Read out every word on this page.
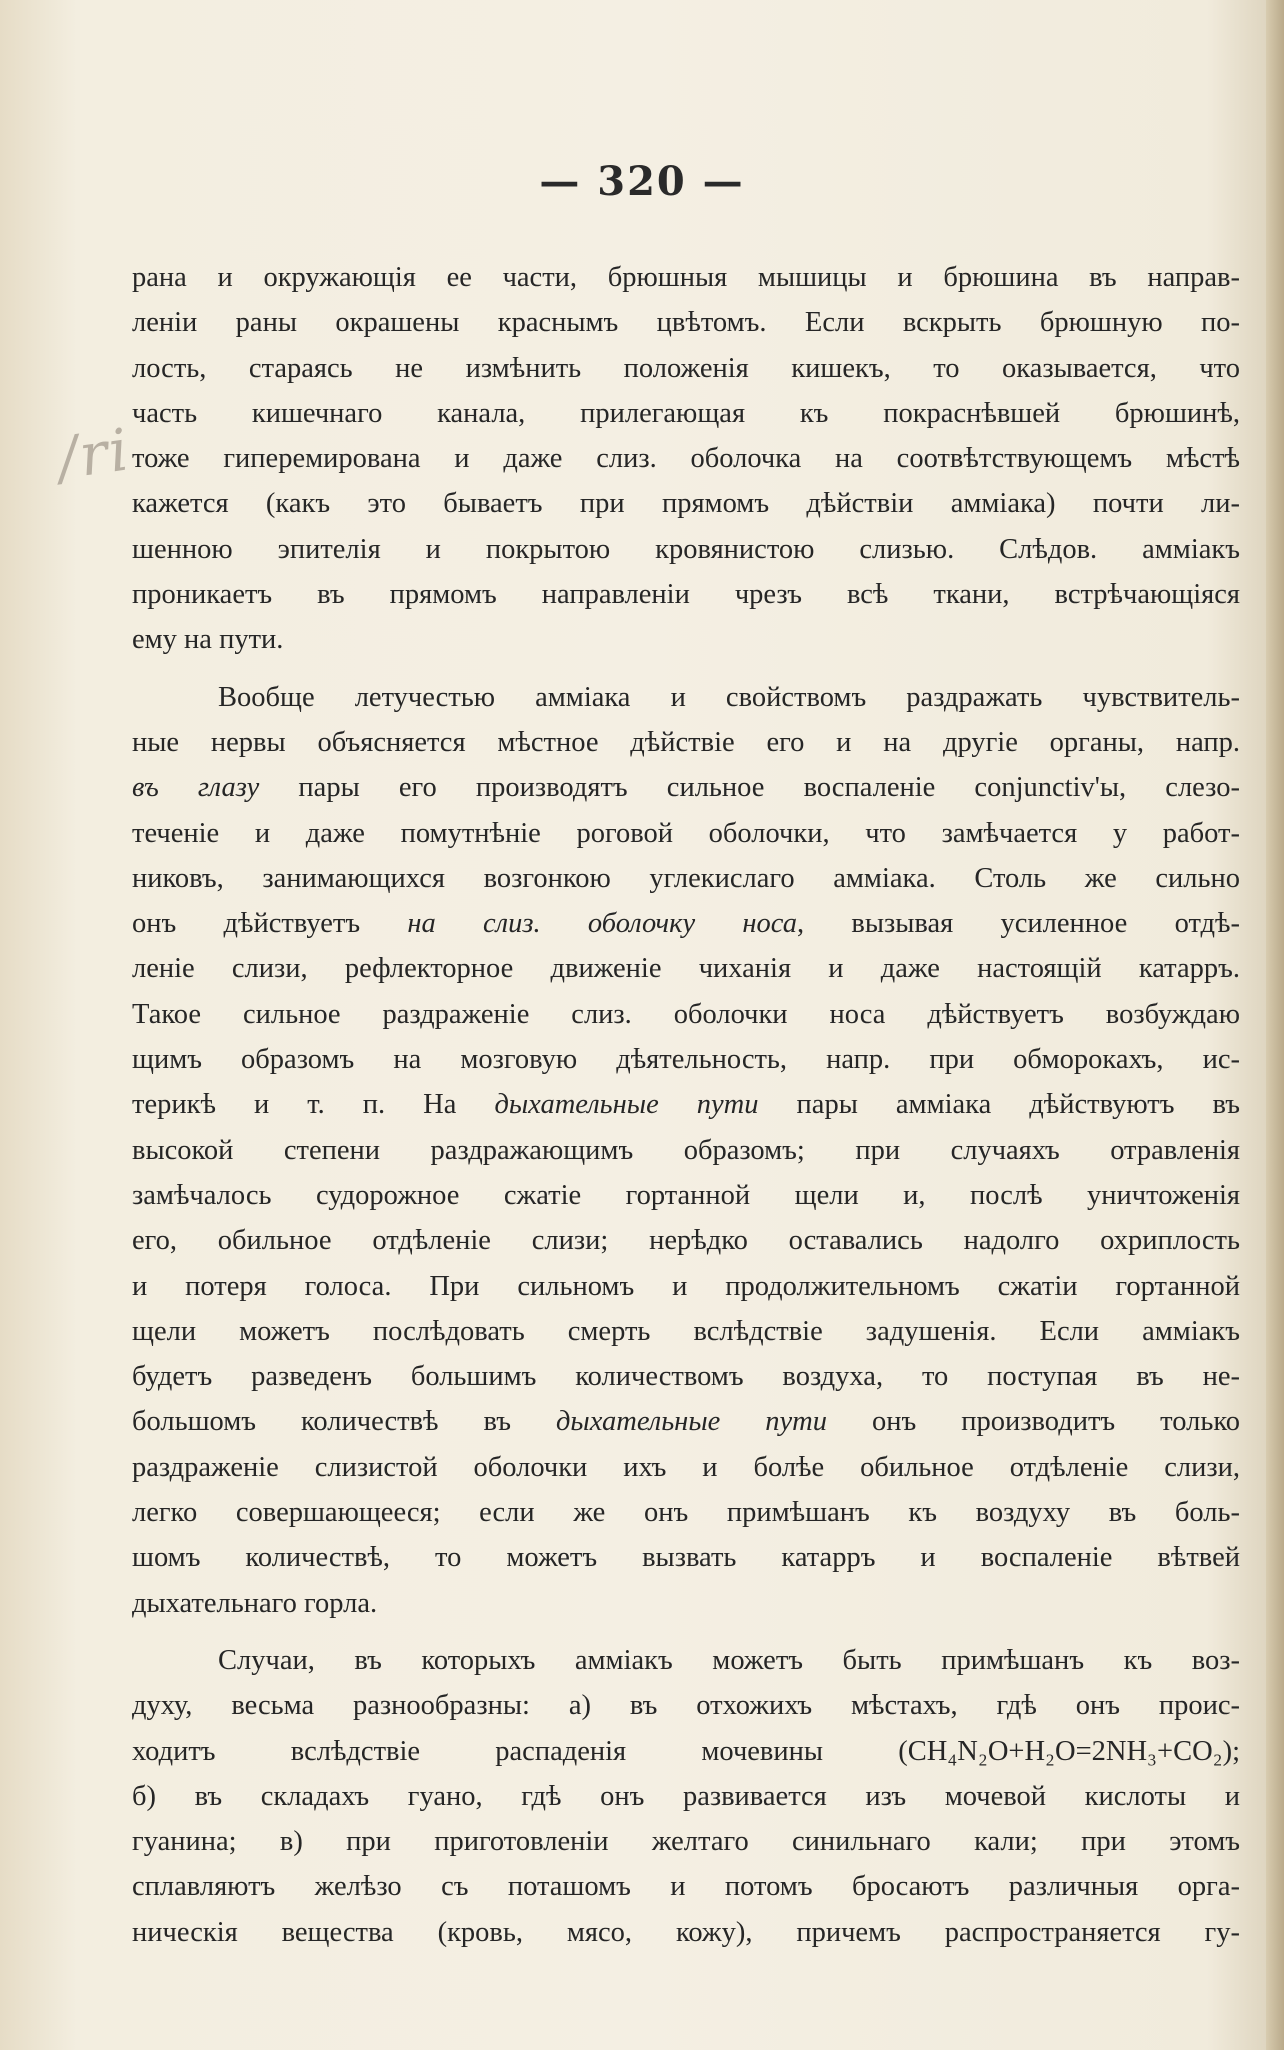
/ri
— 320 —
рана и окружающія ее части, брюшныя мышицы и брюшина въ направ-
леніи раны окрашены краснымъ цвѣтомъ. Если вскрыть брюшную по-
лость, стараясь не измѣнить положенія кишекъ, то оказывается, что
часть кишечнаго канала, прилегающая къ покраснѣвшей брюшинѣ,
тоже гиперемирована и даже слиз. оболочка на соотвѣтствующемъ мѣстѣ
кажется (какъ это бываетъ при прямомъ дѣйствіи амміака) почти ли-
шенною эпителія и покрытою кровянистою слизью. Слѣдов. амміакъ
проникаетъ въ прямомъ направленіи чрезъ всѣ ткани, встрѣчающіяся
ему на пути.
Вообще летучестью амміака и свойствомъ раздражать чувствитель-
ные нервы объясняется мѣстное дѣйствіе его и на другіе органы, напр.
въ глазу пары его производятъ сильное воспаленіе conjunctiv'ы, слезо-
теченіе и даже помутнѣніе роговой оболочки, что замѣчается у работ-
никовъ, занимающихся возгонкою углекислаго амміака. Столь же сильно
онъ дѣйствуетъ на слиз. оболочку носа, вызывая усиленное отдѣ-
леніе слизи, рефлекторное движеніе чиханія и даже настоящій катарръ.
Такое сильное раздраженіе слиз. оболочки носа дѣйствуетъ возбуждаю
щимъ образомъ на мозговую дѣятельность, напр. при обморокахъ, ис-
терикѣ и т. п. На дыхательные пути пары амміака дѣйствуютъ въ
высокой степени раздражающимъ образомъ; при случаяхъ отравленія
замѣчалось судорожное сжатіе гортанной щели и, послѣ уничтоженія
его, обильное отдѣленіе слизи; нерѣдко оставались надолго охриплость
и потеря голоса. При сильномъ и продолжительномъ сжатіи гортанной
щели можетъ послѣдовать смерть вслѣдствіе задушенія. Если амміакъ
будетъ разведенъ большимъ количествомъ воздуха, то поступая въ не-
большомъ количествѣ въ дыхательные пути онъ производитъ только
раздраженіе слизистой оболочки ихъ и болѣе обильное отдѣленіе слизи,
легко совершающееся; если же онъ примѣшанъ къ воздуху въ боль-
шомъ количествѣ, то можетъ вызвать катарръ и воспаленіе вѣтвей
дыхательнаго горла.
Случаи, въ которыхъ амміакъ можетъ быть примѣшанъ къ воз-
духу, весьма разнообразны: а) въ отхожихъ мѣстахъ, гдѣ онъ проис-
ходитъ вслѣдствіе распаденія мочевины (CH₄N₂O+H₂O=2NH₃+CO₂);
б) въ складахъ гуано, гдѣ онъ развивается изъ мочевой кислоты и
гуанина; в) при приготовленіи желтаго синильнаго кали; при этомъ
сплавляютъ желѣзо съ поташомъ и потомъ бросаютъ различныя орга-
ническія вещества (кровь, мясо, кожу), причемъ распространяется гу-
